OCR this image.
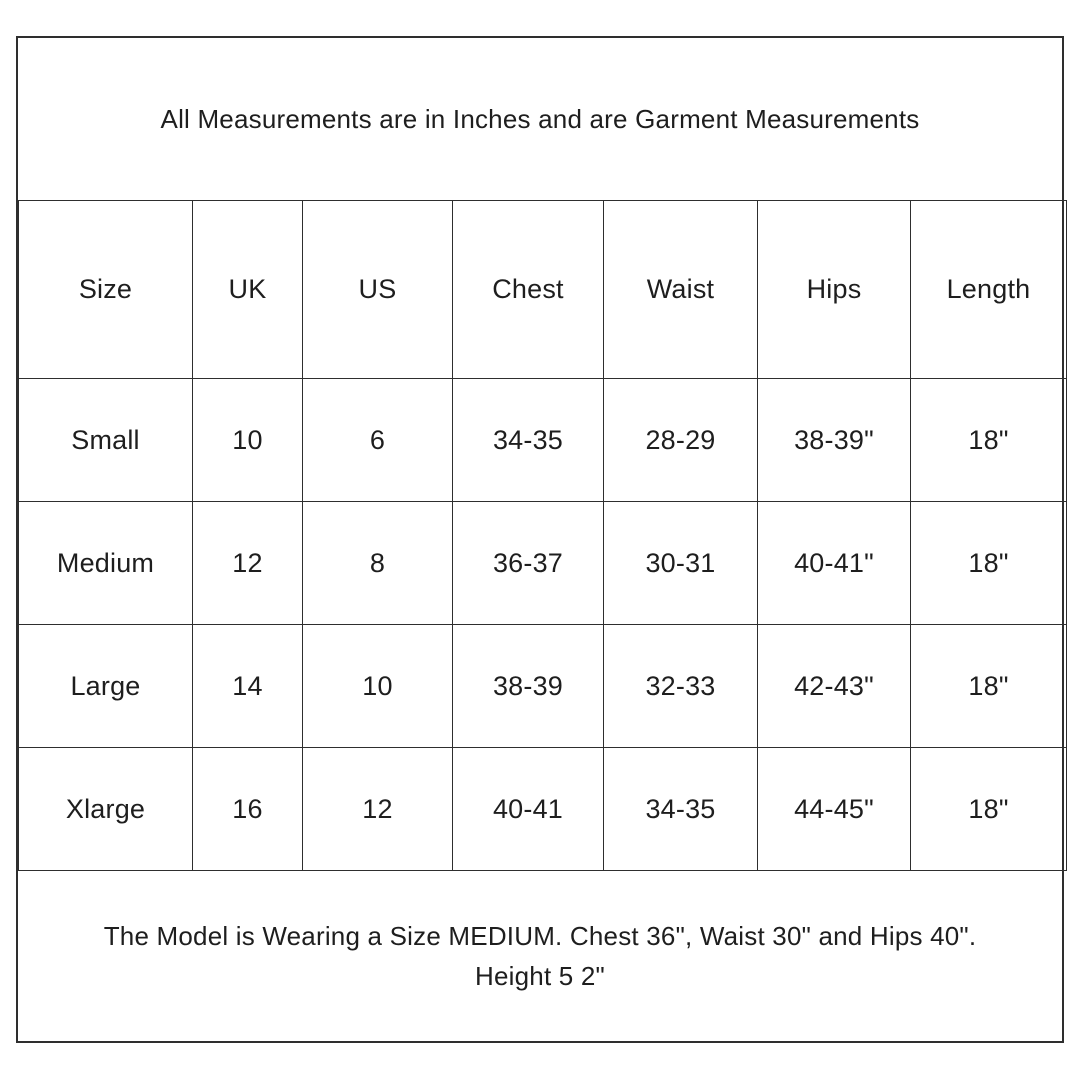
All Measurements are in Inches and are Garment Measurements
Size	UK	US	Chest	Waist	Hips	Length
Small	10	6	34-35	28-29	38-39"	18"
Medium	12	8	36-37	30-31	40-41"	18"
Large	14	10	38-39	32-33	42-43"	18"
Xlarge	16	12	40-41	34-35	44-45"	18"
The Model is Wearing a Size MEDIUM. Chest 36", Waist 30" and Hips 40".
Height 5 2"
